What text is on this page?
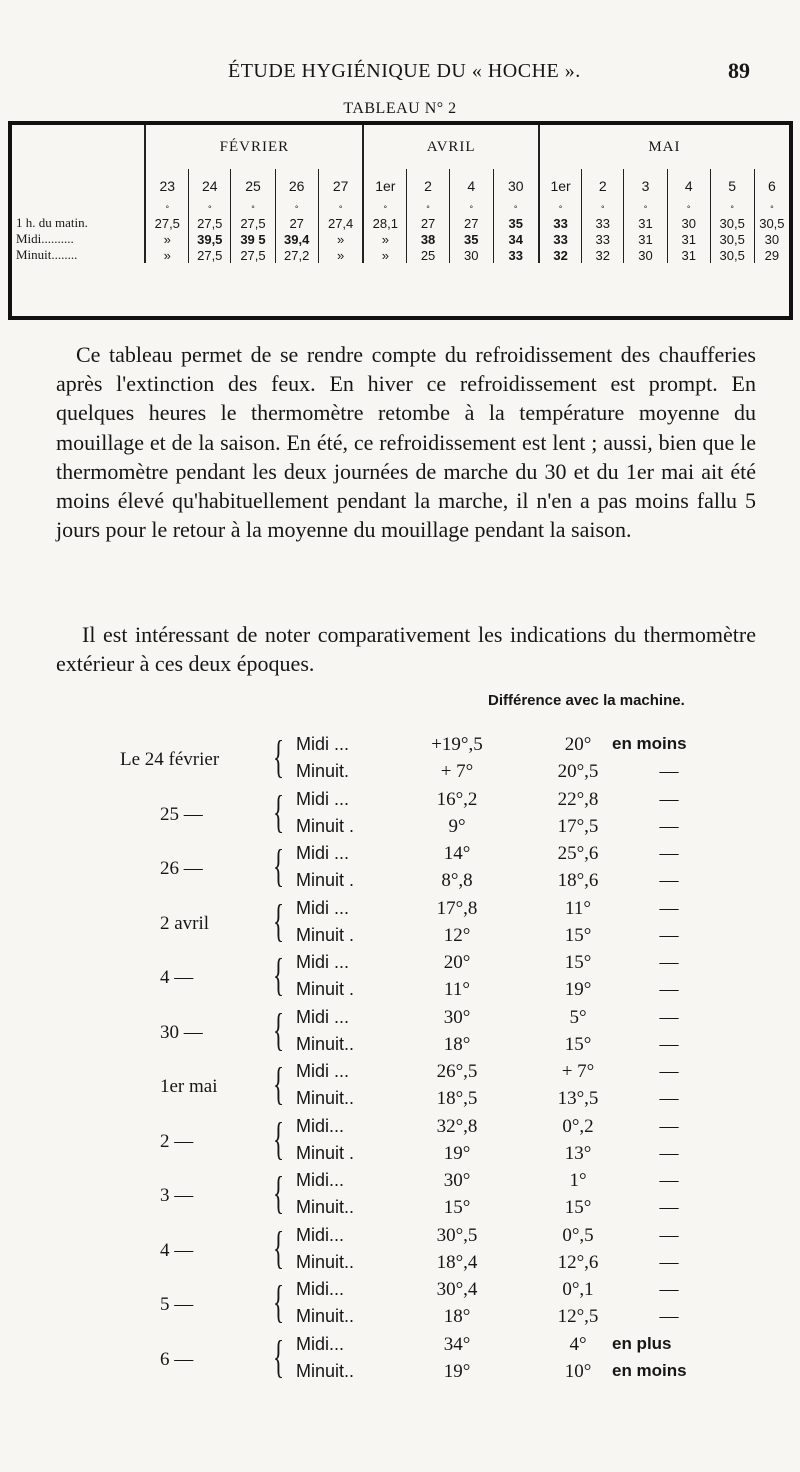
ÉTUDE HYGIÉNIQUE DU « HOCHE ».	89
TABLEAU N° 2
	FÉVRIER					AVRIL				MAI					
	23	24	25	26	27	1er	2	4	30	1er	2	3	4	5	6
	°	°	°	°	°	°	°	°	°	°	°	°	°	°	°
1 h. du matin.	27,5	27,5	27,5	27	27,4	28,1	27	27	35	33	33	31	30	30,5	30,5
Midi..........	»	39,5	39 5	39,4	»	»	38	35	34	33	33	31	31	30,5	30
Minuit........	»	27,5	27,5	27,2	»	»	25	30	33	32	32	30	31	30,5	29
Ce tableau permet de se rendre compte du refroidissement des chaufferies après l'extinction des feux. En hiver ce refroidissement est prompt. En quelques heures le thermomètre retombe à la température moyenne du mouillage et de la saison. En été, ce refroidissement est lent ; aussi, bien que le thermomètre pendant les deux journées de marche du 30 et du 1er mai ait été moins élevé qu'habituellement pendant la marche, il n'en a pas moins fallu 5 jours pour le retour à la moyenne du mouillage pendant la saison.
Il est intéressant de noter comparativement les indications du thermomètre extérieur à ces deux époques.
Différence avec la machine.
Le 24 février	{ Midi ...	+19°,5	20°	en moins
Minuit.	+ 7°	20°,5	—
25 —	{ Midi ...	16°,2	22°,8	—
Minuit .	9°	17°,5	—
26 —	{ Midi ...	14°	25°,6	—
Minuit .	8°,8	18°,6	—
2 avril	{ Midi ...	17°,8	11°	—
Minuit .	12°	15°	—
4 —	{ Midi ...	20°	15°	—
Minuit .	11°	19°	—
30 —	{ Midi ...	30°	5°	—
Minuit..	18°	15°	—
1er mai	{ Midi ...	26°,5	+ 7°	—
Minuit..	18°,5	13°,5	—
2 —	{ Midi...	32°,8	0°,2	—
Minuit .	19°	13°	—
3 —	{ Midi...	30°	1°	—
Minuit..	15°	15°	—
4 —	{ Midi...	30°,5	0°,5	—
Minuit..	18°,4	12°,6	—
5 —	{ Midi...	30°,4	0°,1	—
Minuit..	18°	12°,5	—
6 —	{ Midi...	34°	4°	en plus
Minuit..	19°	10°	en moins
